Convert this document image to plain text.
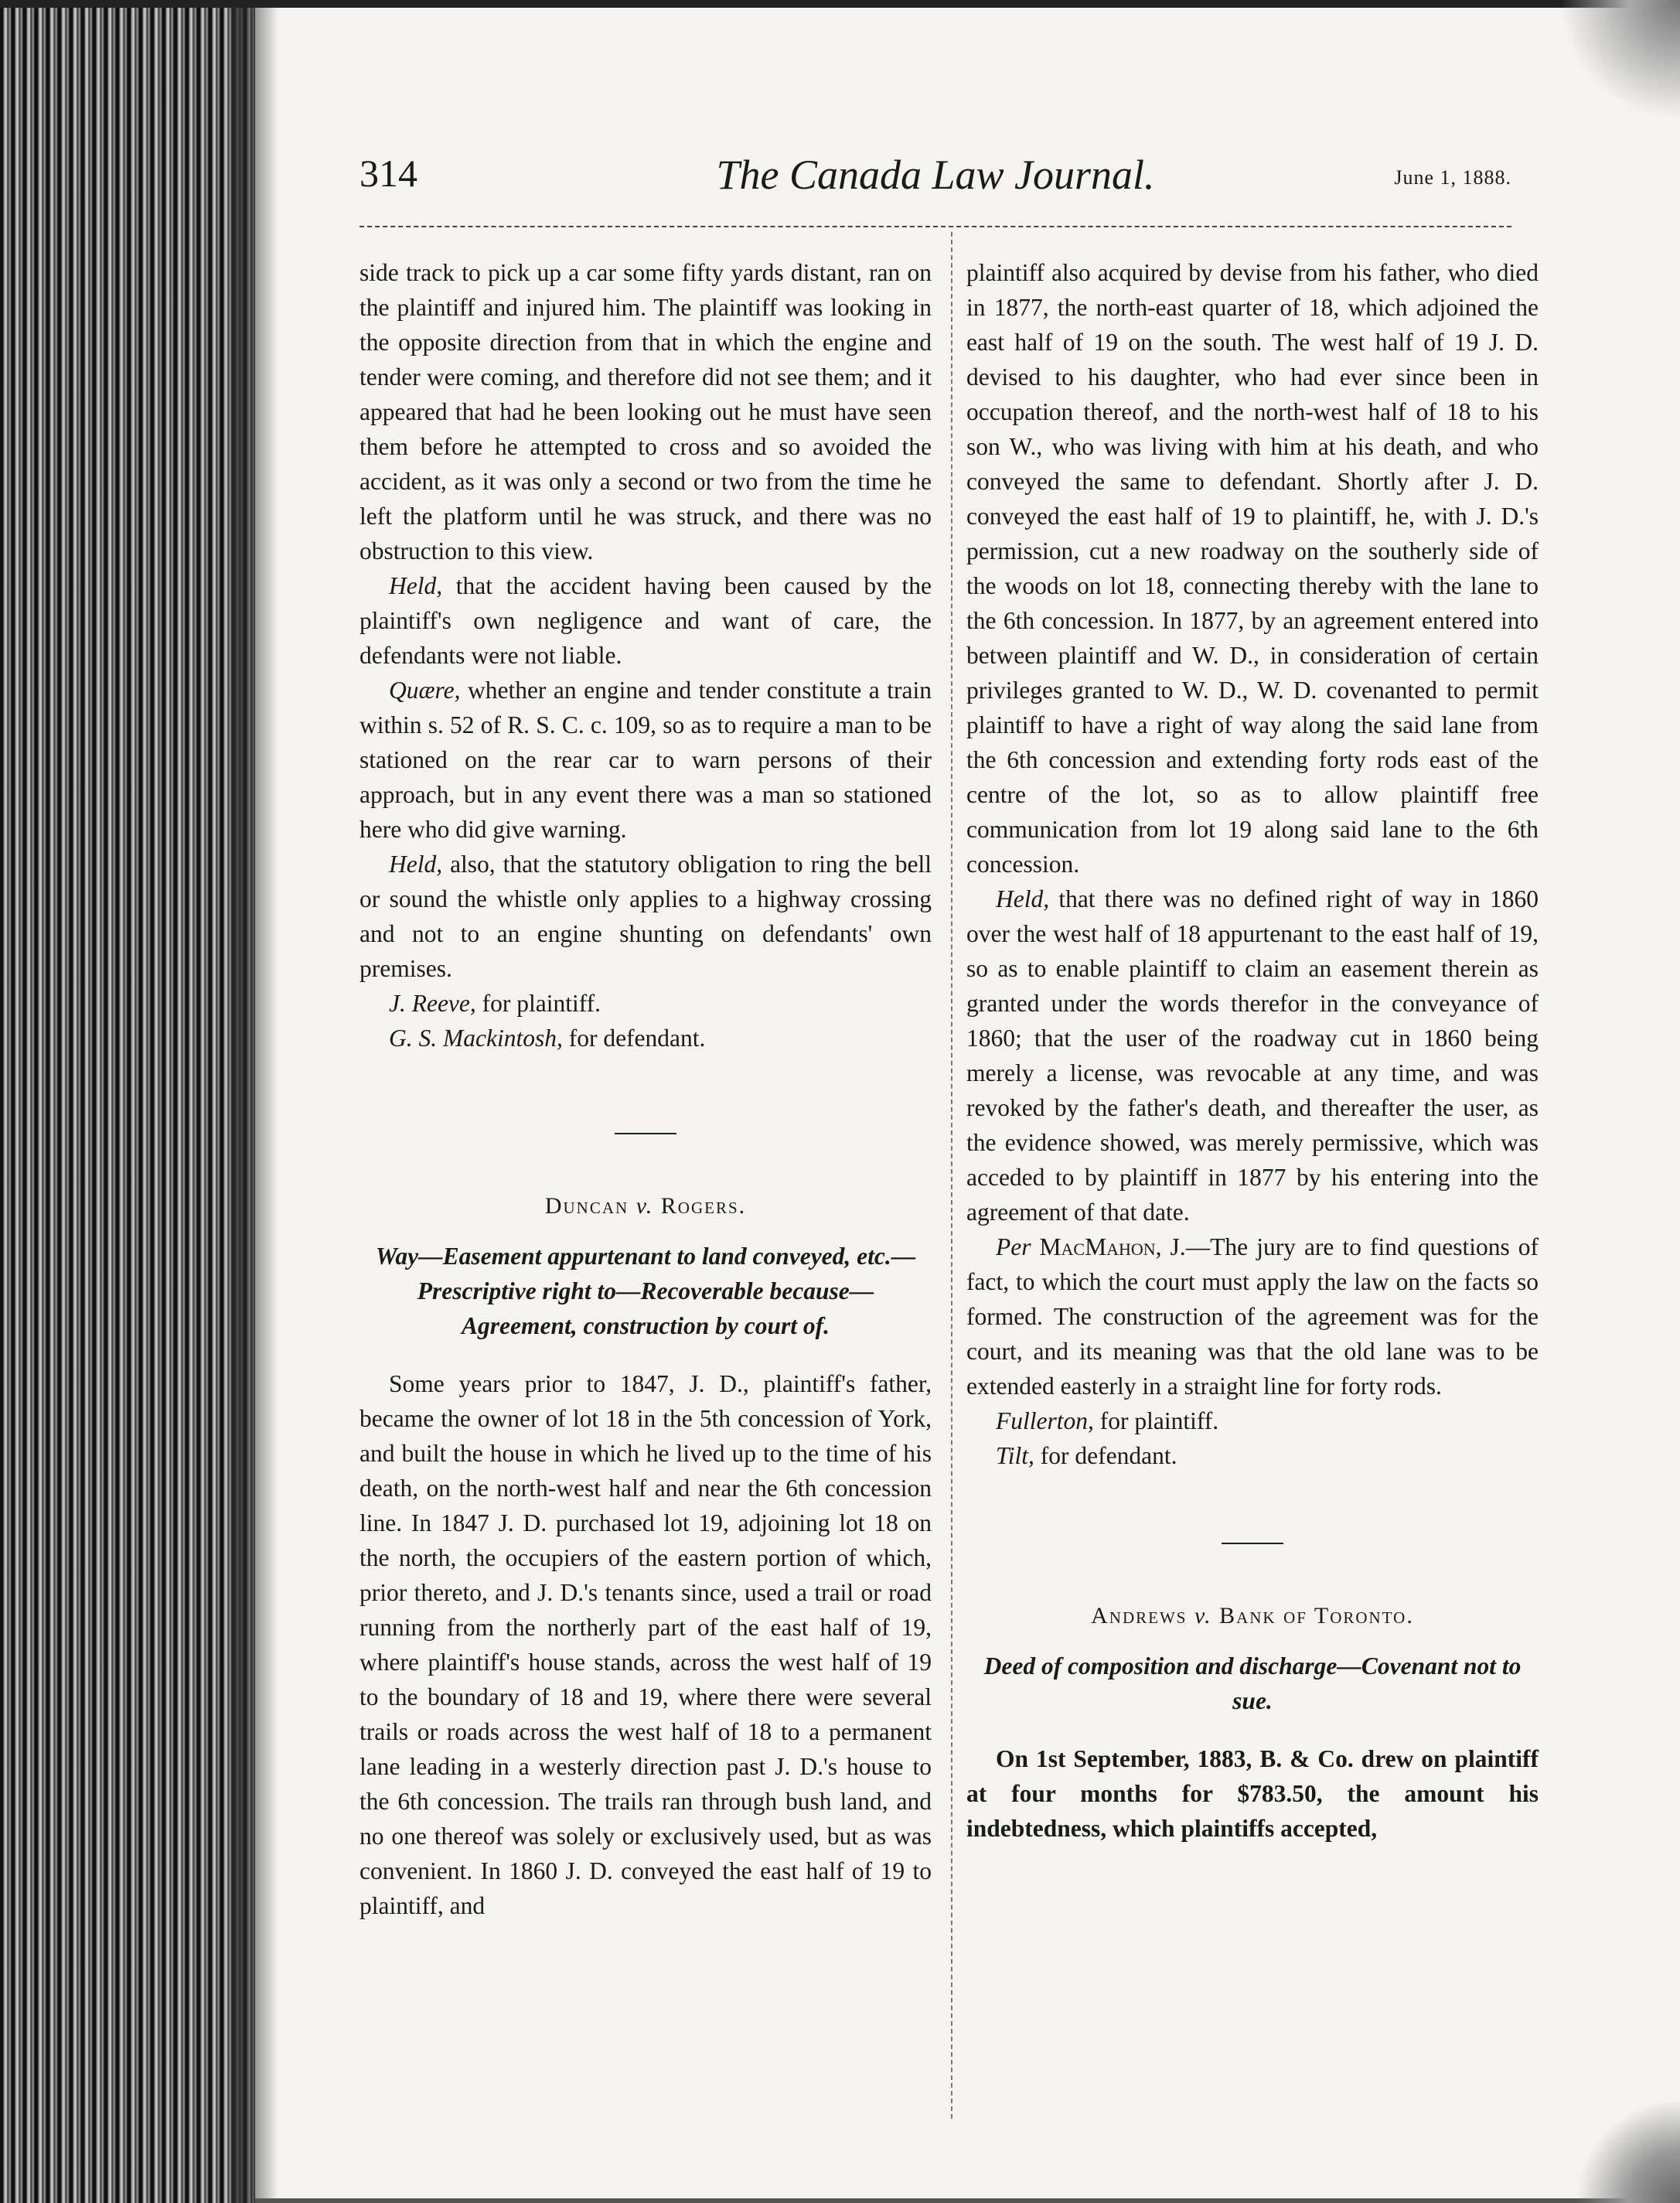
314	The Canada Law Journal.	June 1, 1888.

side track to pick up a car some fifty yards distant, ran on the plaintiff and injured him. The plaintiff was looking in the opposite direction from that in which the engine and tender were coming, and therefore did not see them; and it appeared that had he been looking out he must have seen them before he attempted to cross and so avoided the accident, as it was only a second or two from the time he left the platform until he was struck, and there was no obstruction to this view.

Held, that the accident having been caused by the plaintiff's own negligence and want of care, the defendants were not liable.

Quære, whether an engine and tender constitute a train within s. 52 of R. S. C. c. 109, so as to require a man to be stationed on the rear car to warn persons of their approach, but in any event there was a man so stationed here who did give warning.

Held, also, that the statutory obligation to ring the bell or sound the whistle only applies to a highway crossing and not to an engine shunting on defendants' own premises.

J. Reeve, for plaintiff.

G. S. Mackintosh, for defendant.

Duncan v. Rogers.

Way—Easement appurtenant to land conveyed, etc.—Prescriptive right to—Recoverable because—Agreement, construction by court of.

Some years prior to 1847, J. D., plaintiff's father, became the owner of lot 18 in the 5th concession of York, and built the house in which he lived up to the time of his death, on the north-west half and near the 6th concession line. In 1847 J. D. purchased lot 19, adjoining lot 18 on the north, the occupiers of the eastern portion of which, prior thereto, and J. D.'s tenants since, used a trail or road running from the northerly part of the east half of 19, where plaintiff's house stands, across the west half of 19 to the boundary of 18 and 19, where there were several trails or roads across the west half of 18 to a permanent lane leading in a westerly direction past J. D.'s house to the 6th concession. The trails ran through bush land, and no one thereof was solely or exclusively used, but as was convenient. In 1860 J. D. conveyed the east half of 19 to plaintiff, and

plaintiff also acquired by devise from his father, who died in 1877, the north-east quarter of 18, which adjoined the east half of 19 on the south. The west half of 19 J. D. devised to his daughter, who had ever since been in occupation thereof, and the north-west half of 18 to his son W., who was living with him at his death, and who conveyed the same to defendant. Shortly after J. D. conveyed the east half of 19 to plaintiff, he, with J. D.'s permission, cut a new roadway on the southerly side of the woods on lot 18, connecting thereby with the lane to the 6th concession. In 1877, by an agreement entered into between plaintiff and W. D., in consideration of certain privileges granted to W. D., W. D. covenanted to permit plaintiff to have a right of way along the said lane from the 6th concession and extending forty rods east of the centre of the lot, so as to allow plaintiff free communication from lot 19 along said lane to the 6th concession.

Held, that there was no defined right of way in 1860 over the west half of 18 appurtenant to the east half of 19, so as to enable plaintiff to claim an easement therein as granted under the words therefor in the conveyance of 1860; that the user of the roadway cut in 1860 being merely a license, was revocable at any time, and was revoked by the father's death, and thereafter the user, as the evidence showed, was merely permissive, which was acceded to by plaintiff in 1877 by his entering into the agreement of that date.

Per MacMahon, J.—The jury are to find questions of fact, to which the court must apply the law on the facts so formed. The construction of the agreement was for the court, and its meaning was that the old lane was to be extended easterly in a straight line for forty rods.

Fullerton, for plaintiff.

Tilt, for defendant.

Andrews v. Bank of Toronto.

Deed of composition and discharge—Covenant not to sue.

On 1st September, 1883, B. & Co. drew on plaintiff at four months for $783.50, the amount his indebtedness, which plaintiffs accepted,
